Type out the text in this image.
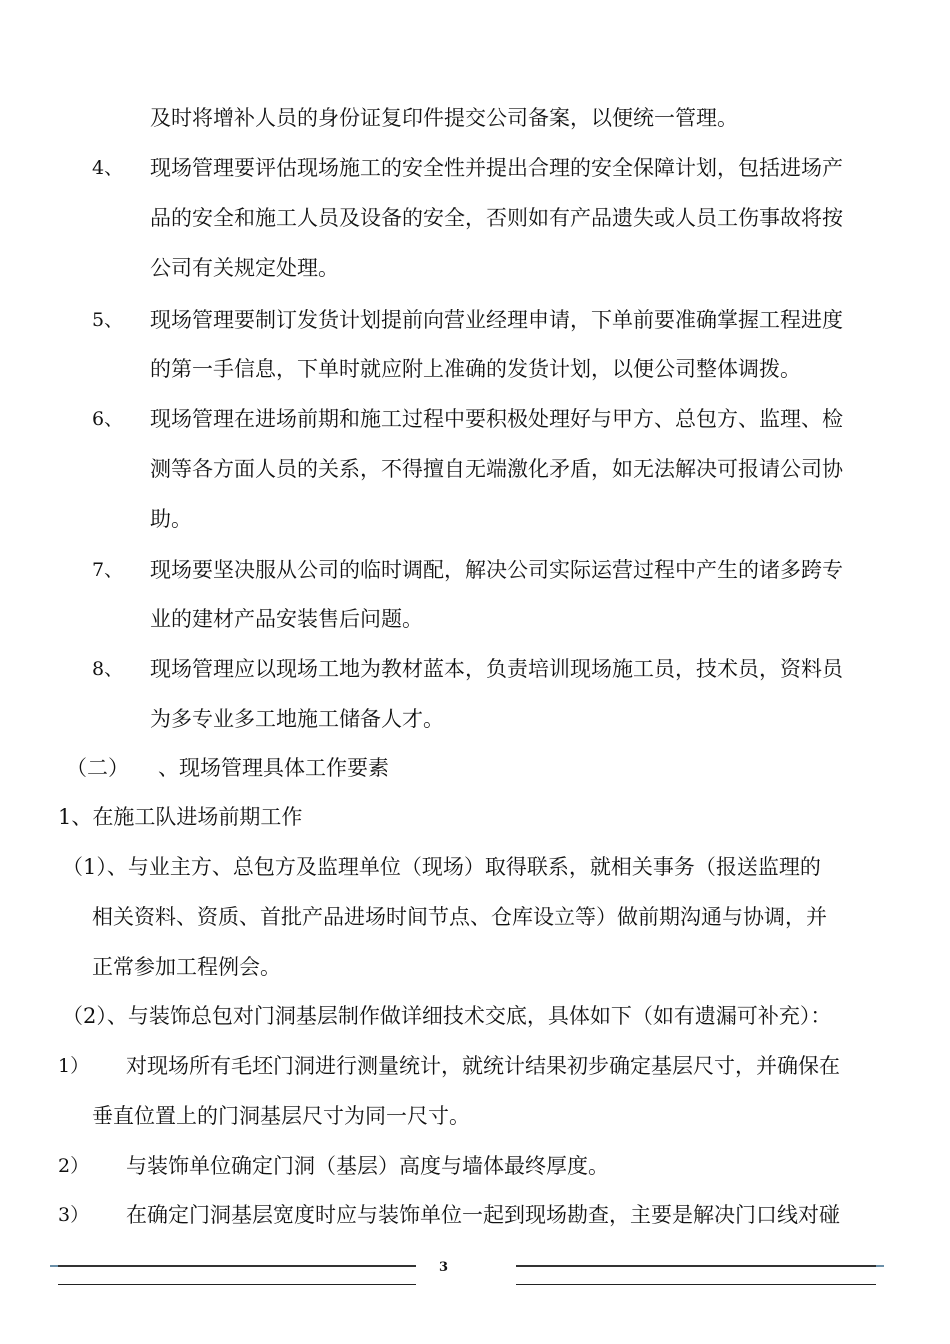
及时将增补人员的身份证复印件提交公司备案，以便统一管理。
4、 现场管理要评估现场施工的安全性并提出合理的安全保障计划，包括进场产
品的安全和施工人员及设备的安全，否则如有产品遗失或人员工伤事故将按
公司有关规定处理。
5、 现场管理要制订发货计划提前向营业经理申请，下单前要准确掌握工程进度
的第一手信息，下单时就应附上准确的发货计划，以便公司整体调拨。
6、 现场管理在进场前期和施工过程中要积极处理好与甲方、总包方、监理、检
测等各方面人员的关系，不得擅自无端激化矛盾，如无法解决可报请公司协
助。
7、 现场要坚决服从公司的临时调配，解决公司实际运营过程中产生的诸多跨专
业的建材产品安装售后问题。
8、 现场管理应以现场工地为教材蓝本，负责培训现场施工员，技术员，资料员
为多专业多工地施工储备人才。
（二） 、现场管理具体工作要素
1、在施工队进场前期工作
（1）、与业主方、总包方及监理单位（现场）取得联系，就相关事务（报送监理的
相关资料、资质、首批产品进场时间节点、仓库设立等）做前期沟通与协调，并
正常参加工程例会。
（2）、与装饰总包对门洞基层制作做详细技术交底，具体如下（如有遗漏可补充）：
1） 对现场所有毛坯门洞进行测量统计，就统计结果初步确定基层尺寸，并确保在
垂直位置上的门洞基层尺寸为同一尺寸。
2） 与装饰单位确定门洞（基层）高度与墙体最终厚度。
3） 在确定门洞基层宽度时应与装饰单位一起到现场勘查，主要是解决门口线对碰
3
